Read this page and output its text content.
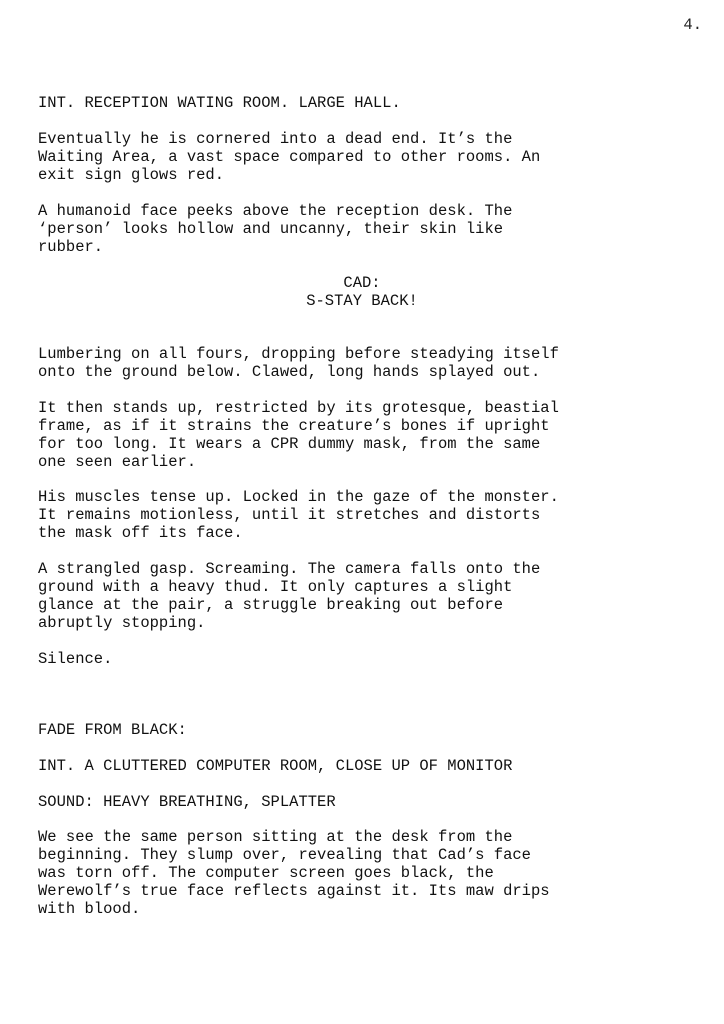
4.

INT. RECEPTION WATING ROOM. LARGE HALL.

Eventually he is cornered into a dead end. It’s the
Waiting Area, a vast space compared to other rooms. An
exit sign glows red.

A humanoid face peeks above the reception desk. The
‘person’ looks hollow and uncanny, their skin like
rubber.

CAD:

S-STAY BACK!

Lumbering on all fours, dropping before steadying itself
onto the ground below. Clawed, long hands splayed out.

It then stands up, restricted by its grotesque, beastial
frame, as if it strains the creature’s bones if upright
for too long. It wears a CPR dummy mask, from the same
one seen earlier.

His muscles tense up. Locked in the gaze of the monster.
It remains motionless, until it stretches and distorts
the mask off its face.

A strangled gasp. Screaming. The camera falls onto the
ground with a heavy thud. It only captures a slight
glance at the pair, a struggle breaking out before
abruptly stopping.

Silence.

FADE FROM BLACK:

INT. A CLUTTERED COMPUTER ROOM, CLOSE UP OF MONITOR

SOUND: HEAVY BREATHING, SPLATTER

We see the same person sitting at the desk from the
beginning. They slump over, revealing that Cad’s face
was torn off. The computer screen goes black, the
Werewolf’s true face reflects against it. Its maw drips
with blood.
